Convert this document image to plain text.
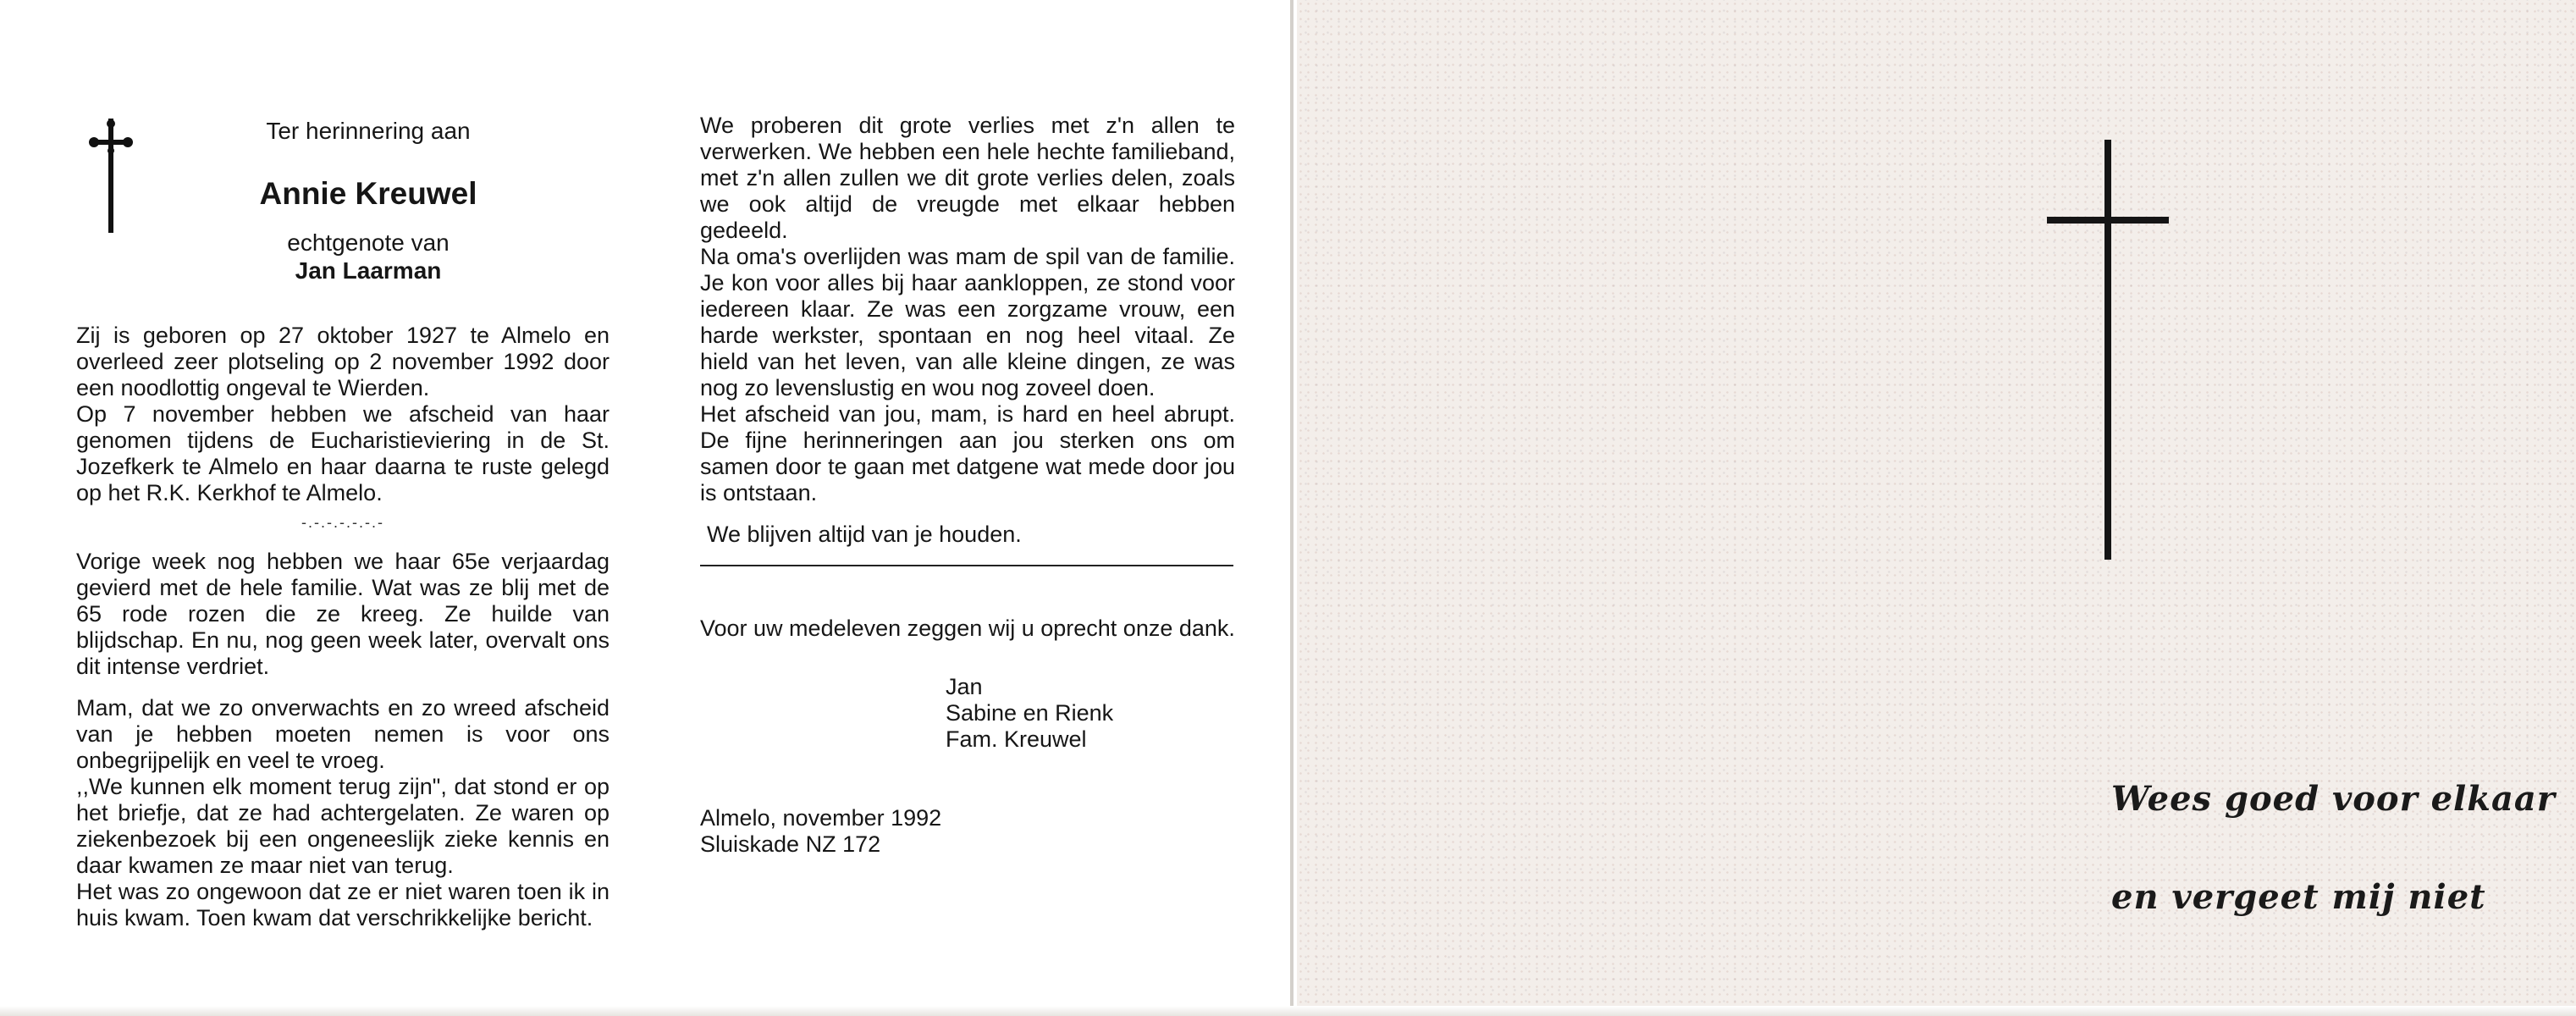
Ter herinnering aan
Annie Kreuwel
echtgenote van
Jan Laarman

Zij is geboren op 27 oktober 1927 te Almelo en overleed zeer plotseling op 2 november 1992 door een noodlottig ongeval te Wierden.

Op 7 november hebben we afscheid van haar genomen tijdens de Eucharistieviering in de St. Jozefkerk te Almelo en haar daarna te ruste gelegd op het R.K. Kerkhof te Almelo.

-.-.-.-.-.-.-

Vorige week nog hebben we haar 65e verjaardag gevierd met de hele familie. Wat was ze blij met de 65 rode rozen die ze kreeg. Ze huilde van blijdschap. En nu, nog geen week later, overvalt ons dit intense verdriet.

Mam, dat we zo onverwachts en zo wreed afscheid van je hebben moeten nemen is voor ons onbegrijpelijk en veel te vroeg.

,,We kunnen elk moment terug zijn", dat stond er op het briefje, dat ze had achtergelaten. Ze waren op ziekenbezoek bij een ongeneeslijk zieke kennis en daar kwamen ze maar niet van terug.

Het was zo ongewoon dat ze er niet waren toen ik in huis kwam. Toen kwam dat verschrikkelijke bericht.

We proberen dit grote verlies met z'n allen te verwerken. We hebben een hele hechte familieband, met z'n allen zullen we dit grote verlies delen, zoals we ook altijd de vreugde met elkaar hebben gedeeld.

Na oma's overlijden was mam de spil van de familie. Je kon voor alles bij haar aankloppen, ze stond voor iedereen klaar. Ze was een zorgzame vrouw, een harde werkster, spontaan en nog heel vitaal. Ze hield van het leven, van alle kleine dingen, ze was nog zo levenslustig en wou nog zoveel doen.

Het afscheid van jou, mam, is hard en heel abrupt. De fijne herinneringen aan jou sterken ons om samen door te gaan met datgene wat mede door jou is ontstaan.

We blijven altijd van je houden.

Voor uw medeleven zeggen wij u oprecht onze dank.

Jan
Sabine en Rienk
Fam. Kreuwel
Almelo, november 1992
Sluiskade NZ 172
Wees goed voor elkaar
en vergeet mij niet
